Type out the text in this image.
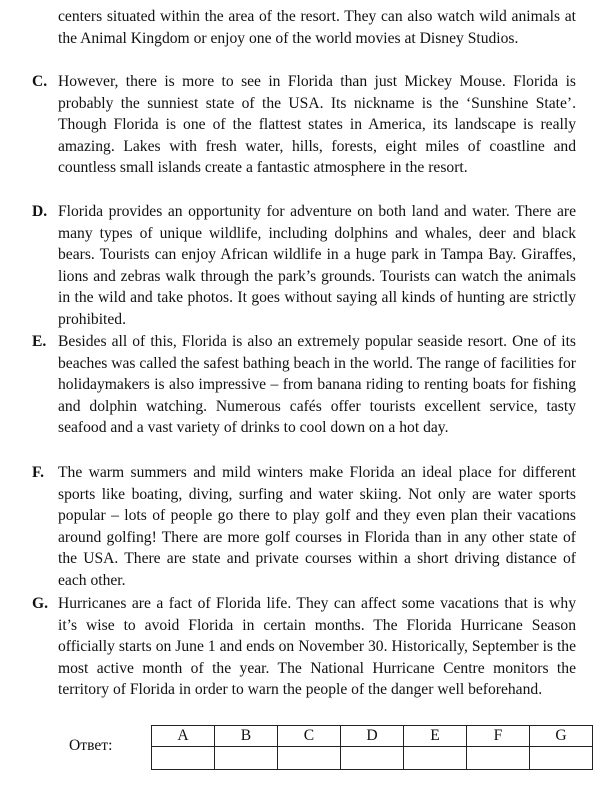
centers situated within the area of the resort. They can also watch wild animals at the Animal Kingdom or enjoy one of the world movies at Disney Studios.
C. However, there is more to see in Florida than just Mickey Mouse. Florida is probably the sunniest state of the USA. Its nickname is the ‘Sunshine State’. Though Florida is one of the flattest states in America, its landscape is really amazing. Lakes with fresh water, hills, forests, eight miles of coastline and countless small islands create a fantastic atmosphere in the resort.
D. Florida provides an opportunity for adventure on both land and water. There are many types of unique wildlife, including dolphins and whales, deer and black bears. Tourists can enjoy African wildlife in a huge park in Tampa Bay. Giraffes, lions and zebras walk through the park’s grounds. Tourists can watch the animals in the wild and take photos. It goes without saying all kinds of hunting are strictly prohibited.
E. Besides all of this, Florida is also an extremely popular seaside resort. One of its beaches was called the safest bathing beach in the world. The range of facilities for holidaymakers is also impressive – from banana riding to renting boats for fishing and dolphin watching. Numerous cafés offer tourists excellent service, tasty seafood and a vast variety of drinks to cool down on a hot day.
F. The warm summers and mild winters make Florida an ideal place for different sports like boating, diving, surfing and water skiing. Not only are water sports popular – lots of people go there to play golf and they even plan their vacations around golfing! There are more golf courses in Florida than in any other state of the USA. There are state and private courses within a short driving distance of each other.
G. Hurricanes are a fact of Florida life. They can affect some vacations that is why it’s wise to avoid Florida in certain months. The Florida Hurricane Season officially starts on June 1 and ends on November 30. Historically, September is the most active month of the year. The National Hurricane Centre monitors the territory of Florida in order to warn the people of the danger well beforehand.
Ответ:
A	B	C	D	E	F	G
